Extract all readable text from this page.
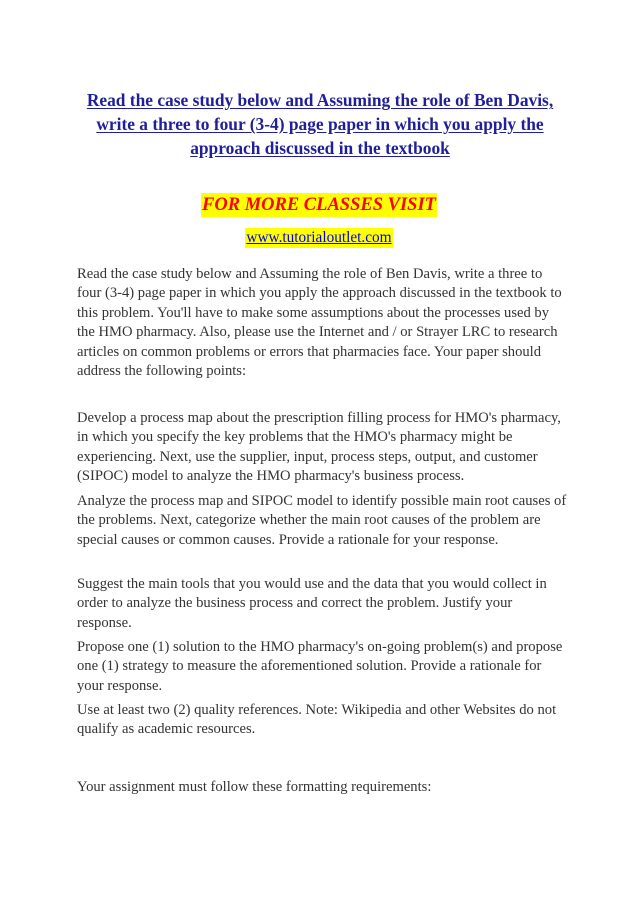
Read the case study below and Assuming the role of Ben Davis, write a three to four (3-4) page paper in which you apply the approach discussed in the textbook
FOR MORE CLASSES VISIT
www.tutorialoutlet.com

Read the case study below and Assuming the role of Ben Davis, write a three to four (3-4) page paper in which you apply the approach discussed in the textbook to this problem. You'll have to make some assumptions about the processes used by the HMO pharmacy. Also, please use the Internet and / or Strayer LRC to research articles on common problems or errors that pharmacies face. Your paper should address the following points:

Develop a process map about the prescription filling process for HMO's pharmacy, in which you specify the key problems that the HMO's pharmacy might be experiencing. Next, use the supplier, input, process steps, output, and customer (SIPOC) model to analyze the HMO pharmacy's business process.

Analyze the process map and SIPOC model to identify possible main root causes of the problems. Next, categorize whether the main root causes of the problem are special causes or common causes. Provide a rationale for your response.

Suggest the main tools that you would use and the data that you would collect in order to analyze the business process and correct the problem. Justify your response.

Propose one (1) solution to the HMO pharmacy's on-going problem(s) and propose one (1) strategy to measure the aforementioned solution. Provide a rationale for your response.

Use at least two (2) quality references. Note: Wikipedia and other Websites do not qualify as academic resources.

Your assignment must follow these formatting requirements:
